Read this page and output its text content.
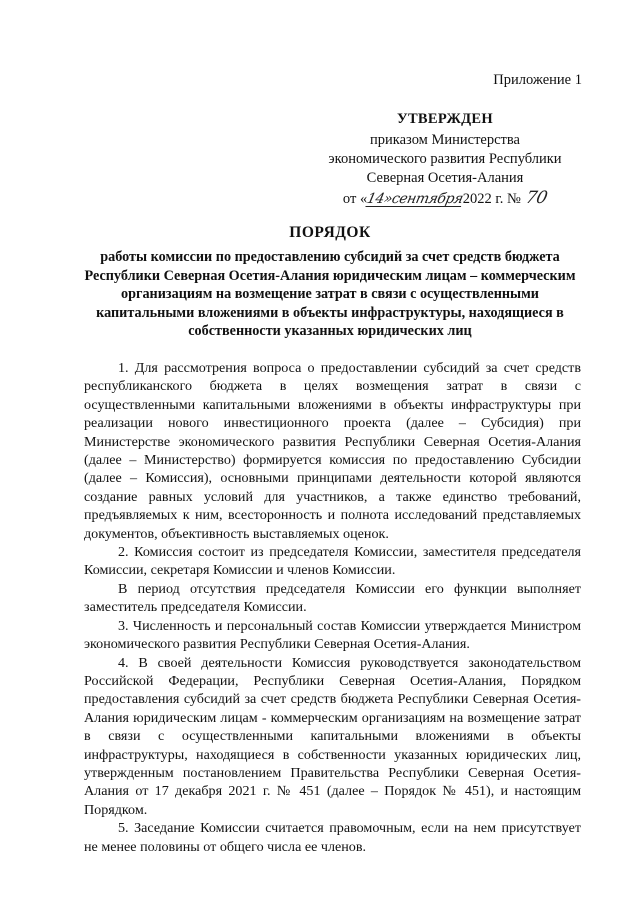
Приложение 1
УТВЕРЖДЕН
приказом Министерства
экономического развития Республики
Северная Осетия-Алания
от «14»сентября2022 г. № 70
ПОРЯДОК
работы комиссии по предоставлению субсидий за счет средств бюджета Республики Северная Осетия-Алания юридическим лицам – коммерческим организациям на возмещение затрат в связи с осуществленными капитальными вложениями в объекты инфраструктуры, находящиеся в собственности указанных юридических лиц

1. Для рассмотрения вопроса о предоставлении субсидий за счет средств республиканского бюджета в целях возмещения затрат в связи с осуществленными капитальными вложениями в объекты инфраструктуры при реализации нового инвестиционного проекта (далее – Субсидия) при Министерстве экономического развития Республики Северная Осетия-Алания (далее – Министерство) формируется комиссия по предоставлению Субсидии (далее – Комиссия), основными принципами деятельности которой являются создание равных условий для участников, а также единство требований, предъявляемых к ним, всесторонность и полнота исследований представляемых документов, объективность выставляемых оценок.

2. Комиссия состоит из председателя Комиссии, заместителя председателя Комиссии, секретаря Комиссии и членов Комиссии.

В период отсутствия председателя Комиссии его функции выполняет заместитель председателя Комиссии.

3. Численность и персональный состав Комиссии утверждается Министром экономического развития Республики Северная Осетия-Алания.

4. В своей деятельности Комиссия руководствуется законодательством Российской Федерации, Республики Северная Осетия-Алания, Порядком предоставления субсидий за счет средств бюджета Республики Северная Осетия-Алания юридическим лицам - коммерческим организациям на возмещение затрат в связи с осуществленными капитальными вложениями в объекты инфраструктуры, находящиеся в собственности указанных юридических лиц, утвержденным постановлением Правительства Республики Северная Осетия-Алания от 17 декабря 2021 г. № 451 (далее – Порядок № 451), и настоящим Порядком.

5. Заседание Комиссии считается правомочным, если на нем присутствует не менее половины от общего числа ее членов.
